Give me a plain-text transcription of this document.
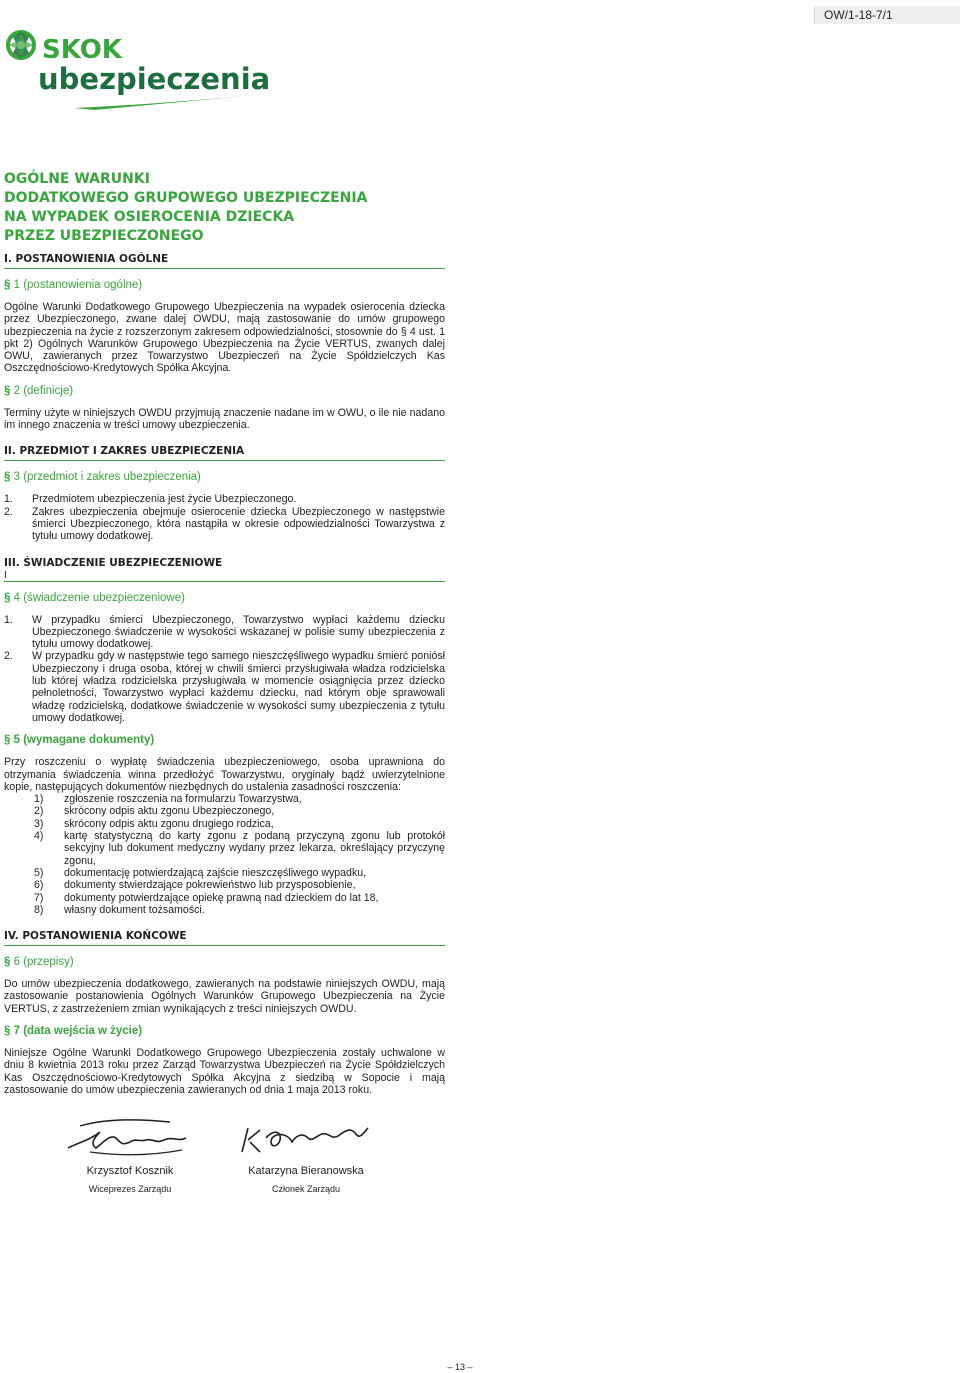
OW/1-18-7/1
SKOK
ubezpieczenia
OGÓLNE WARUNKI
DODATKOWEGO GRUPOWEGO UBEZPIECZENIA
NA WYPADEK OSIEROCENIA DZIECKA
PRZEZ UBEZPIECZONEGO
I. POSTANOWIENIA OGÓLNE
§ 1 (postanowienia ogólne)

Ogólne Warunki Dodatkowego Grupowego Ubezpieczenia na wypadek osierocenia dziecka przez Ubezpieczonego, zwane dalej OWDU, mają zastosowanie do umów grupowego ubezpieczenia na życie z rozszerzonym zakresem odpowiedzialności, stosownie do § 4 ust. 1 pkt 2) Ogólnych Warunków Grupowego Ubezpieczenia na Życie VERTUS, zwanych dalej OWU, zawieranych przez Towarzystwo Ubezpieczeń na Życie Spółdzielczych Kas Oszczędnościowo-Kredytowych Spółka Akcyjna.

§ 2 (definicje)

Terminy użyte w niniejszych OWDU przyjmują znaczenie nadane im w OWU, o ile nie nadano im innego znaczenia w treści umowy ubezpieczenia.

II. PRZEDMIOT I ZAKRES UBEZPIECZENIA
§ 3 (przedmiot i zakres ubezpieczenia)
1.	Przedmiotem ubezpieczenia jest życie Ubezpieczonego.
2.	Zakres ubezpieczenia obejmuje osierocenie dziecka Ubezpieczonego w następstwie śmierci Ubezpieczonego, która nastąpiła w okresie odpowiedzialności Towarzystwa z tytułu umowy dodatkowej.
III. ŚWIADCZENIE UBEZPIECZENIOWE
I
§ 4 (świadczenie ubezpieczeniowe)
1.	W przypadku śmierci Ubezpieczonego, Towarzystwo wypłaci każdemu dziecku Ubezpieczonego świadczenie w wysokości wskazanej w polisie sumy ubezpieczenia z tytułu umowy dodatkowej.
2.	W przypadku gdy w następstwie tego samego nieszczęśliwego wypadku śmierć poniósł Ubezpieczony i druga osoba, której w chwili śmierci przysługiwała władza rodzicielska lub której władza rodzicielska przysługiwała w momencie osiągnięcia przez dziecko pełnoletności, Towarzystwo wypłaci każdemu dziecku, nad którym obje sprawowali władzę rodzicielską, dodatkowe świadczenie w wysokości sumy ubezpieczenia z tytułu umowy dodatkowej.
§ 5 (wymagane dokumenty)

Przy roszczeniu o wypłatę świadczenia ubezpieczeniowego, osoba uprawniona do otrzymania świadczenia winna przedłożyć Towarzystwu, oryginały bądź uwierzytelnione kopie, następujących dokumentów niezbędnych do ustalenia zasadności roszczenia:

1)	zgłoszenie roszczenia na formularzu Towarzystwa,
2)	skrócony odpis aktu zgonu Ubezpieczonego,
3)	skrócony odpis aktu zgonu drugiego rodzica,
4)	kartę statystyczną do karty zgonu z podaną przyczyną zgonu lub protokół sekcyjny lub dokument medyczny wydany przez lekarza, określający przyczynę zgonu,
5)	dokumentację potwierdzającą zajście nieszczęśliwego wypadku,
6)	dokumenty stwierdzające pokrewieństwo lub przysposobienie,
7)	dokumenty potwierdzające opiekę prawną nad dzieckiem do lat 18,
8)	własny dokument tożsamości.
IV. POSTANOWIENIA KOŃCOWE
§ 6 (przepisy)

Do umów ubezpieczenia dodatkowego, zawieranych na podstawie niniejszych OWDU, mają zastosowanie postanowienia Ogólnych Warunków Grupowego Ubezpieczenia na Życie VERTUS, z zastrzeżeniem zmian wynikających z treści niniejszych OWDU.

§ 7 (data wejścia w życie)

Niniejsze Ogólne Warunki Dodatkowego Grupowego Ubezpieczenia zostały uchwalone w dniu 8 kwietnia 2013 roku przez Zarząd Towarzystwa Ubezpieczeń na Życie Spółdzielczych Kas Oszczędnościowo-Kredytowych Spółka Akcyjna z siedzibą w Sopocie i mają zastosowanie do umów ubezpieczenia zawieranych od dnia 1 maja 2013 roku.

Krzysztof Kosznik
Wiceprezes Zarządu
Katarzyna Bieranowska
Członek Zarządu
– 13 –
